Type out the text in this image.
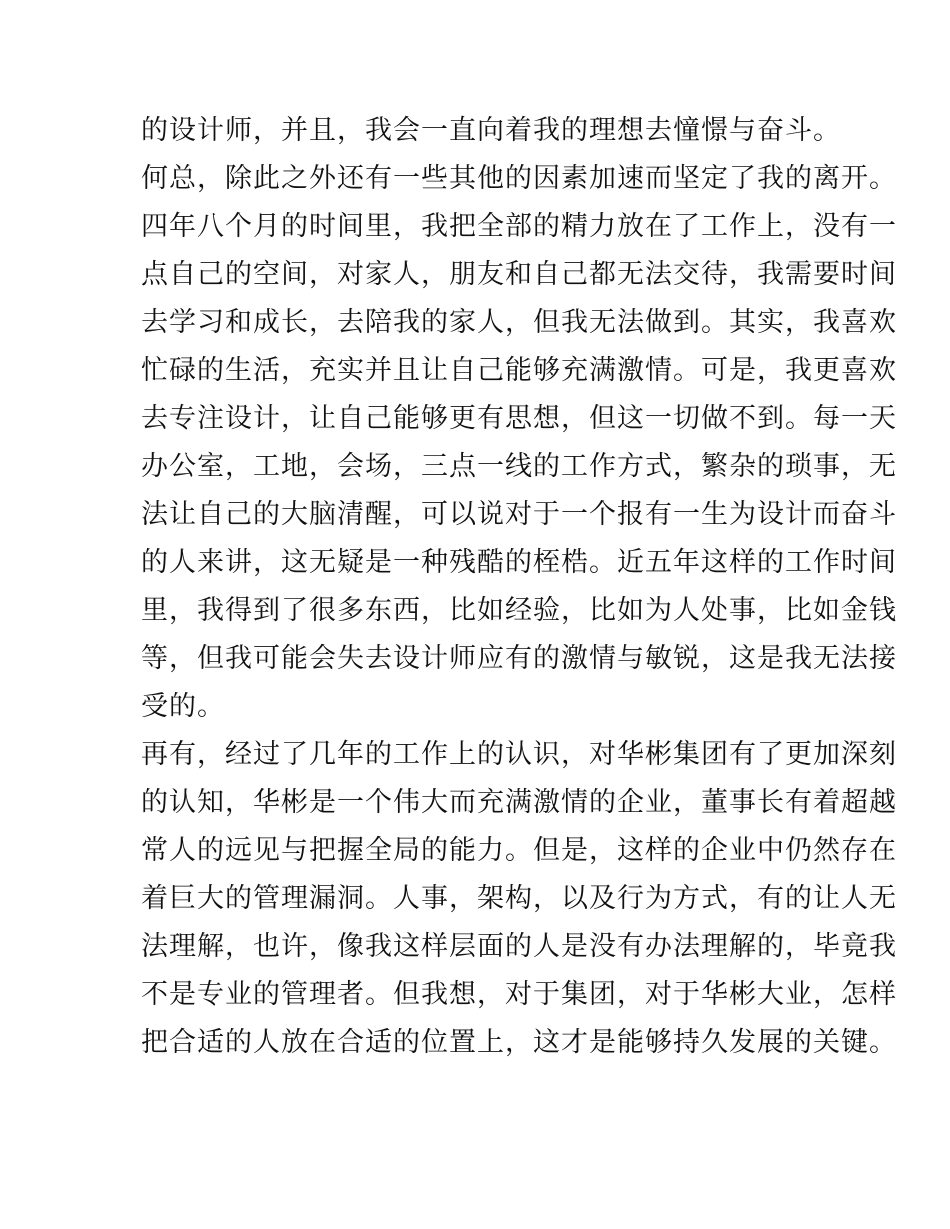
的设计师，并且，我会一直向着我的理想去憧憬与奋斗。

何总，除此之外还有一些其他的因素加速而坚定了我的离开。

四年八个月的时间里，我把全部的精力放在了工作上，没有一

点自己的空间，对家人，朋友和自己都无法交待，我需要时间

去学习和成长，去陪我的家人，但我无法做到。其实，我喜欢

忙碌的生活，充实并且让自己能够充满激情。可是，我更喜欢

去专注设计，让自己能够更有思想，但这一切做不到。每一天

办公室，工地，会场，三点一线的工作方式，繁杂的琐事，无

法让自己的大脑清醒，可以说对于一个报有一生为设计而奋斗

的人来讲，这无疑是一种残酷的桎梏。近五年这样的工作时间

里，我得到了很多东西，比如经验，比如为人处事，比如金钱

等，但我可能会失去设计师应有的激情与敏锐，这是我无法接

受的。

再有，经过了几年的工作上的认识，对华彬集团有了更加深刻

的认知，华彬是一个伟大而充满激情的企业，董事长有着超越

常人的远见与把握全局的能力。但是，这样的企业中仍然存在

着巨大的管理漏洞。人事，架构，以及行为方式，有的让人无

法理解，也许，像我这样层面的人是没有办法理解的，毕竟我

不是专业的管理者。但我想，对于集团，对于华彬大业，怎样

把合适的人放在合适的位置上，这才是能够持久发展的关键。
